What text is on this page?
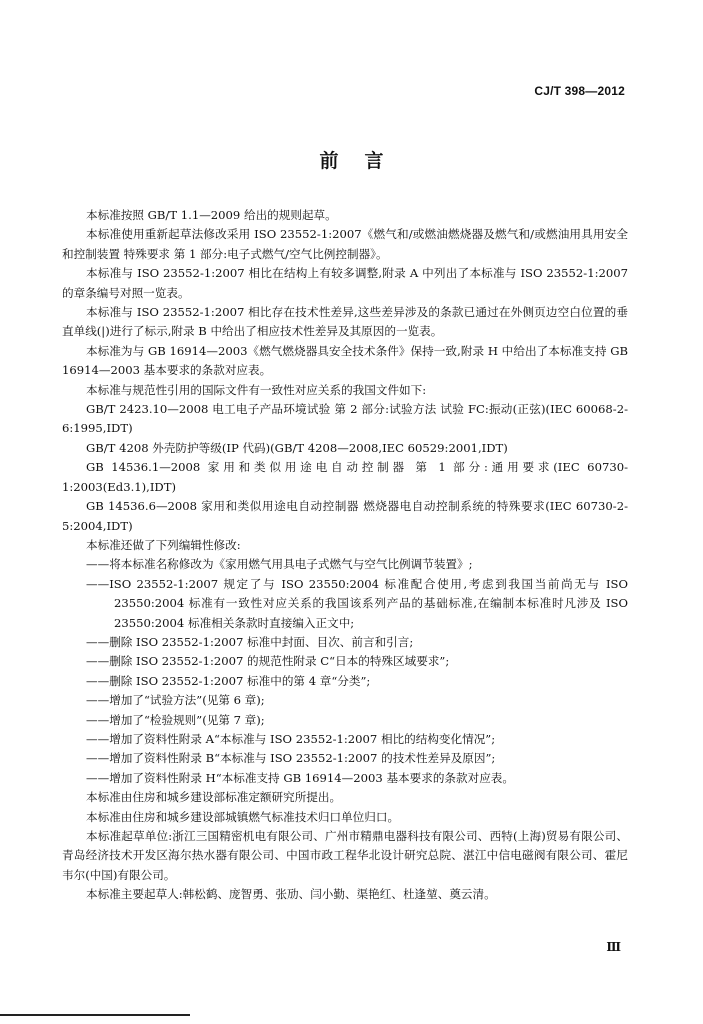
CJ/T 398—2012
前言

本标准按照 GB/T 1.1—2009 给出的规则起草。

本标准使用重新起草法修改采用 ISO 23552-1:2007《燃气和/或燃油燃烧器及燃气和/或燃油用具用安全和控制装置 特殊要求 第 1 部分:电子式燃气/空气比例控制器》。

本标准与 ISO 23552-1:2007 相比在结构上有较多调整,附录 A 中列出了本标准与 ISO 23552-1:2007 的章条编号对照一览表。

本标准与 ISO 23552-1:2007 相比存在技术性差异,这些差异涉及的条款已通过在外侧页边空白位置的垂直单线(|)进行了标示,附录 B 中给出了相应技术性差异及其原因的一览表。

本标准为与 GB 16914—2003《燃气燃烧器具安全技术条件》保持一致,附录 H 中给出了本标准支持 GB 16914—2003 基本要求的条款对应表。

本标准与规范性引用的国际文件有一致性对应关系的我国文件如下:

GB/T 2423.10—2008 电工电子产品环境试验 第 2 部分:试验方法 试验 FC:振动(正弦)(IEC 60068-2-6:1995,IDT)

GB/T 4208 外壳防护等级(IP 代码)(GB/T 4208—2008,IEC 60529:2001,IDT)

GB 14536.1—2008 家用和类似用途电自动控制器 第 1 部分:通用要求(IEC 60730-1:2003(Ed3.1),IDT)

GB 14536.6—2008 家用和类似用途电自动控制器 燃烧器电自动控制系统的特殊要求(IEC 60730-2-5:2004,IDT)

本标准还做了下列编辑性修改:

——将本标准名称修改为《家用燃气用具电子式燃气与空气比例调节装置》;

——ISO 23552-1:2007 规定了与 ISO 23550:2004 标准配合使用,考虑到我国当前尚无与 ISO 23550:2004 标准有一致性对应关系的我国该系列产品的基础标准,在编制本标准时凡涉及 ISO 23550:2004 标准相关条款时直接编入正文中;

——删除 ISO 23552-1:2007 标准中封面、目次、前言和引言;

——删除 ISO 23552-1:2007 的规范性附录 C“日本的特殊区域要求”;

——删除 ISO 23552-1:2007 标准中的第 4 章“分类”;

——增加了“试验方法”(见第 6 章);

——增加了“检验规则”(见第 7 章);

——增加了资料性附录 A“本标准与 ISO 23552-1:2007 相比的结构变化情况”;

——增加了资料性附录 B“本标准与 ISO 23552-1:2007 的技术性差异及原因”;

——增加了资料性附录 H“本标准支持 GB 16914—2003 基本要求的条款对应表。

本标准由住房和城乡建设部标准定额研究所提出。

本标准由住房和城乡建设部城镇燃气标准技术归口单位归口。

本标准起草单位:浙江三国精密机电有限公司、广州市精鼎电器科技有限公司、西特(上海)贸易有限公司、青岛经济技术开发区海尔热水器有限公司、中国市政工程华北设计研究总院、湛江中信电磁阀有限公司、霍尼韦尔(中国)有限公司。

本标准主要起草人:韩松鹤、庞智勇、张劢、闫小勤、渠艳红、杜逢堃、奠云清。

Ⅲ
